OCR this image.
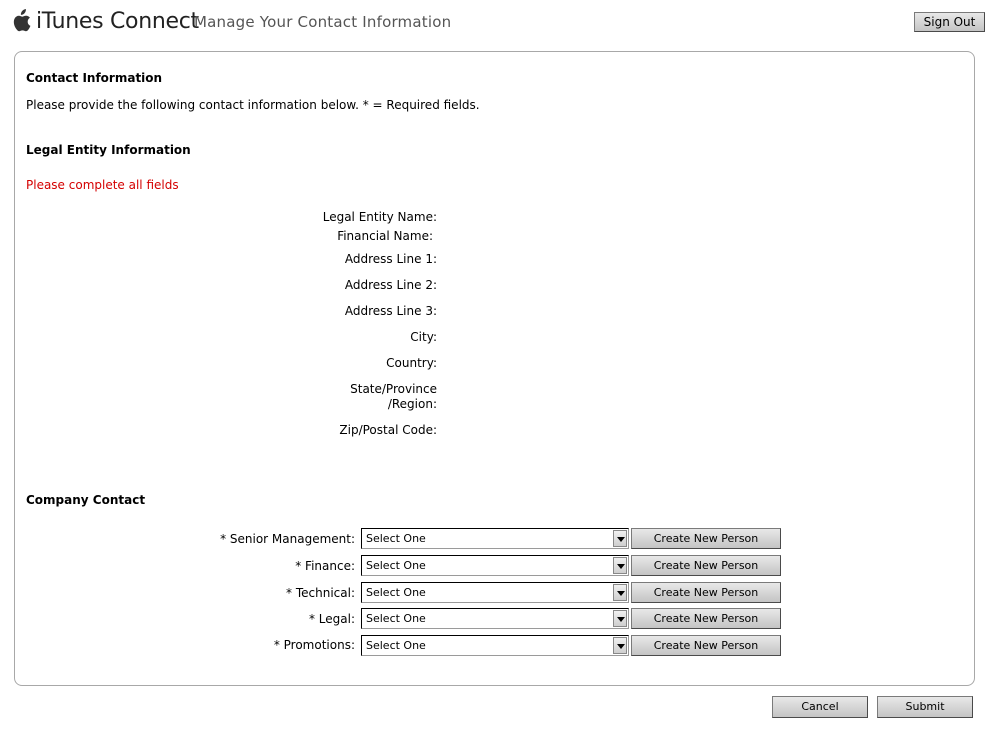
iTunes Connect
Manage Your Contact Information	Sign Out
Contact Information
Please provide the following contact information below. * = Required fields.
Legal Entity Information
Please complete all fields
Legal Entity Name:
Financial Name:
Address Line 1:
Address Line 2:
Address Line 3:
City:
Country:
State/Province
/Region:
Zip/Postal Code:
Company Contact
* Senior Management: Select One	Create New Person
* Finance: Select One	Create New Person
* Technical: Select One	Create New Person
* Legal: Select One	Create New Person
* Promotions: Select One	Create New Person
Cancel	Submit
